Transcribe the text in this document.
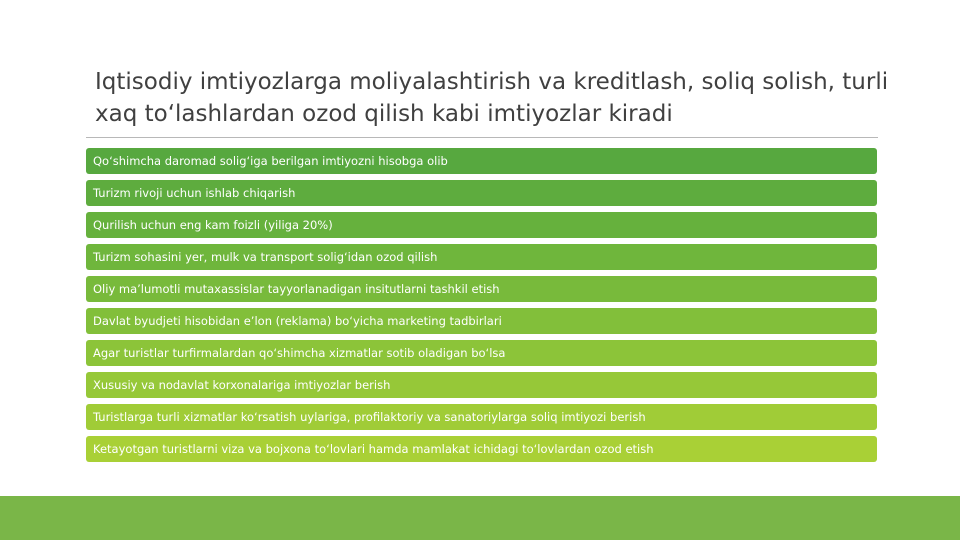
Iqtisodiy imtiyozlarga moliyalashtirish va kreditlash, soliq solish, turli xaq to‘lashlardan ozod qilish kabi imtiyozlar kiradi
Qo‘shimcha daromad solig‘iga berilgan imtiyozni hisobga olib
Turizm rivoji uchun ishlab chiqarish
Qurilish uchun eng kam foizli (yiliga 20%)
Turizm sohasini yer, mulk va transport solig‘idan ozod qilish
Oliy ma’lumotli mutaxassislar tayyorlanadigan insitutlarni tashkil etish
Davlat byudjeti hisobidan e’lon (reklama) bo‘yicha marketing tadbirlari
Agar turistlar turfirmalardan qo‘shimcha xizmatlar sotib oladigan bo‘lsa
Xususiy va nodavlat korxonalariga imtiyozlar berish
Turistlarga turli xizmatlar ko‘rsatish uylariga, profilaktoriy va sanatoriylarga soliq imtiyozi berish
Ketayotgan turistlarni viza va bojxona to‘lovlari hamda mamlakat ichidagi to‘lovlardan ozod etish
